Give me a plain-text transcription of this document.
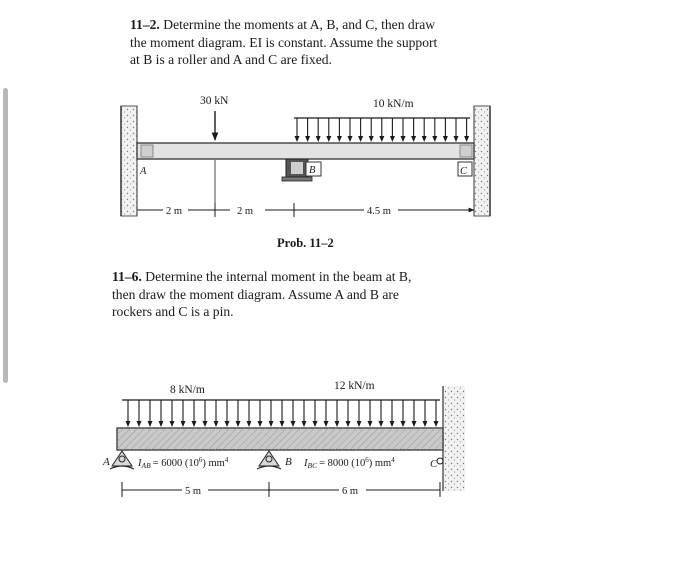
11–2. Determine the moments at A, B, and C, then draw
the moment diagram. EI is constant. Assume the support
at B is a roller and A and C are fixed.

Prob. 11–2

11–6. Determine the internal moment in the beam at B,
then draw the moment diagram. Assume A and B are
rockers and C is a pin.

30 kN	10 kN/m
A	B	C
2 m	2 m	4.5 m
8 kN/m	12 kN/m
A	B	C
IAB = 6000 $(10^6)$ $mm^4$	IBC = 8000 $(10^6)$ $mm^4$
5 m	6 m
